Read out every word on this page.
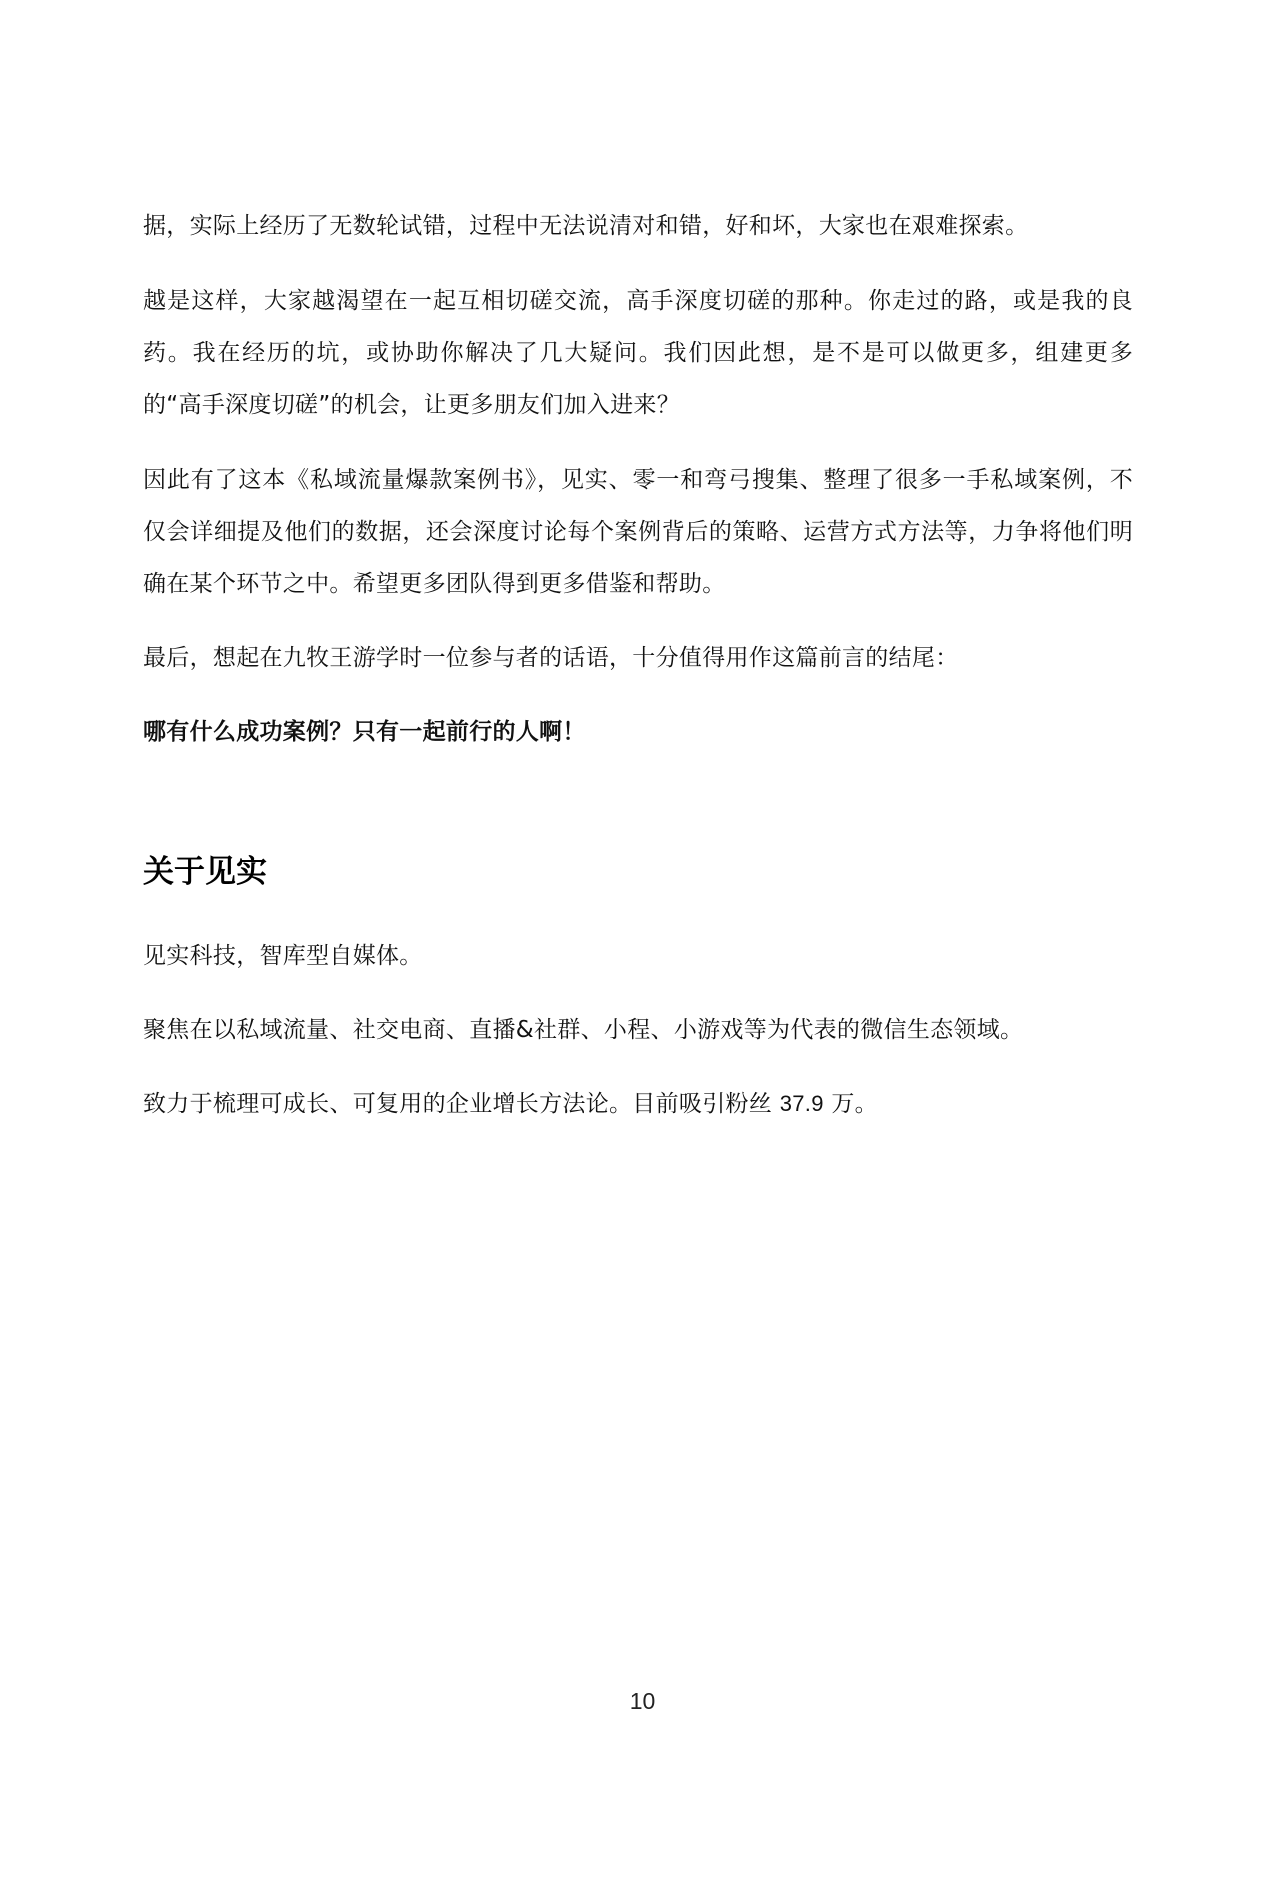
据，实际上经历了无数轮试错，过程中无法说清对和错，好和坏，大家也在艰难探索。

越是这样，大家越渴望在一起互相切磋交流，高手深度切磋的那种。你走过的路，或是我的良药。我在经历的坑，或协助你解决了几大疑问。我们因此想，是不是可以做更多，组建更多的“高手深度切磋”的机会，让更多朋友们加入进来？

因此有了这本《私域流量爆款案例书》，见实、零一和弯弓搜集、整理了很多一手私域案例，不仅会详细提及他们的数据，还会深度讨论每个案例背后的策略、运营方式方法等，力争将他们明确在某个环节之中。希望更多团队得到更多借鉴和帮助。

最后，想起在九牧王游学时一位参与者的话语，十分值得用作这篇前言的结尾：

哪有什么成功案例？只有一起前行的人啊！

关于见实

见实科技，智库型自媒体。

聚焦在以私域流量、社交电商、直播&社群、小程、小游戏等为代表的微信生态领域。

致力于梳理可成长、可复用的企业增长方法论。目前吸引粉丝 37.9 万。

10
